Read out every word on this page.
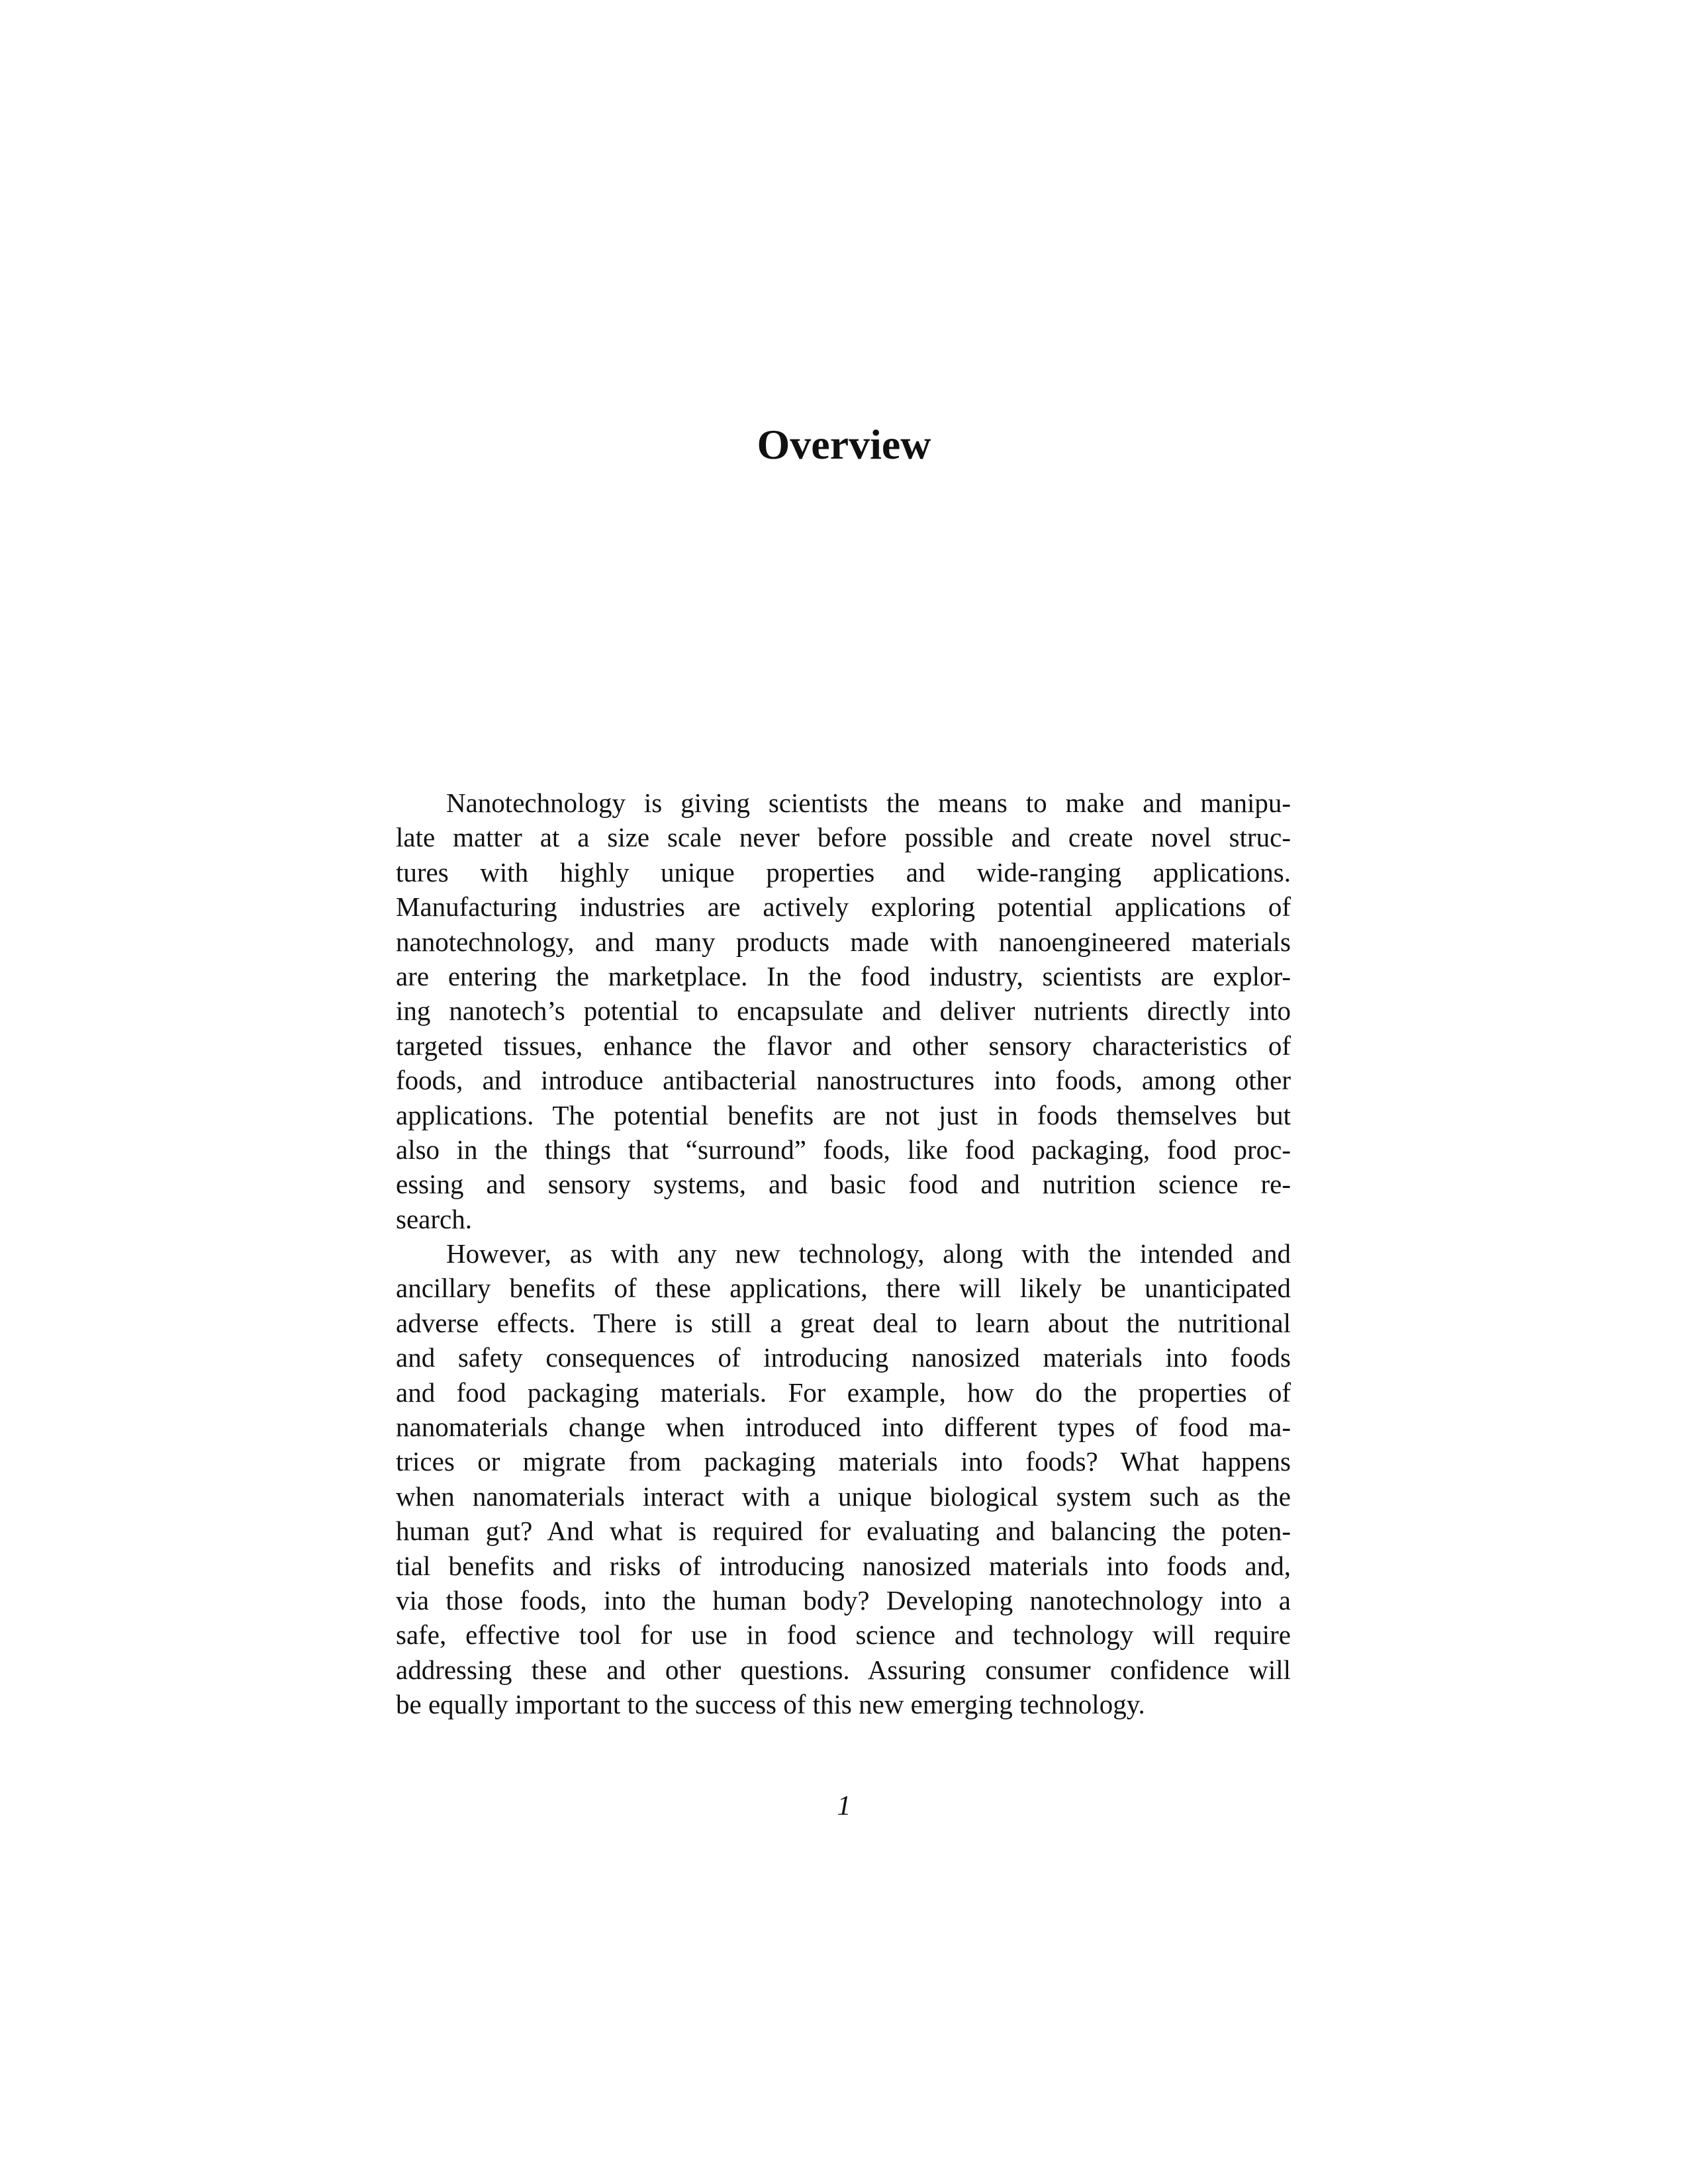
Overview
Nanotechnology is giving scientists the means to make and manipu-
late matter at a size scale never before possible and create novel struc-
tures with highly unique properties and wide-ranging applications.
Manufacturing industries are actively exploring potential applications of
nanotechnology, and many products made with nanoengineered materials
are entering the marketplace. In the food industry, scientists are explor-
ing nanotech’s potential to encapsulate and deliver nutrients directly into
targeted tissues, enhance the flavor and other sensory characteristics of
foods, and introduce antibacterial nanostructures into foods, among other
applications. The potential benefits are not just in foods themselves but
also in the things that “surround” foods, like food packaging, food proc-
essing and sensory systems, and basic food and nutrition science re-
search.
However, as with any new technology, along with the intended and
ancillary benefits of these applications, there will likely be unanticipated
adverse effects. There is still a great deal to learn about the nutritional
and safety consequences of introducing nanosized materials into foods
and food packaging materials. For example, how do the properties of
nanomaterials change when introduced into different types of food ma-
trices or migrate from packaging materials into foods? What happens
when nanomaterials interact with a unique biological system such as the
human gut? And what is required for evaluating and balancing the poten-
tial benefits and risks of introducing nanosized materials into foods and,
via those foods, into the human body? Developing nanotechnology into a
safe, effective tool for use in food science and technology will require
addressing these and other questions. Assuring consumer confidence will
be equally important to the success of this new emerging technology.

1
